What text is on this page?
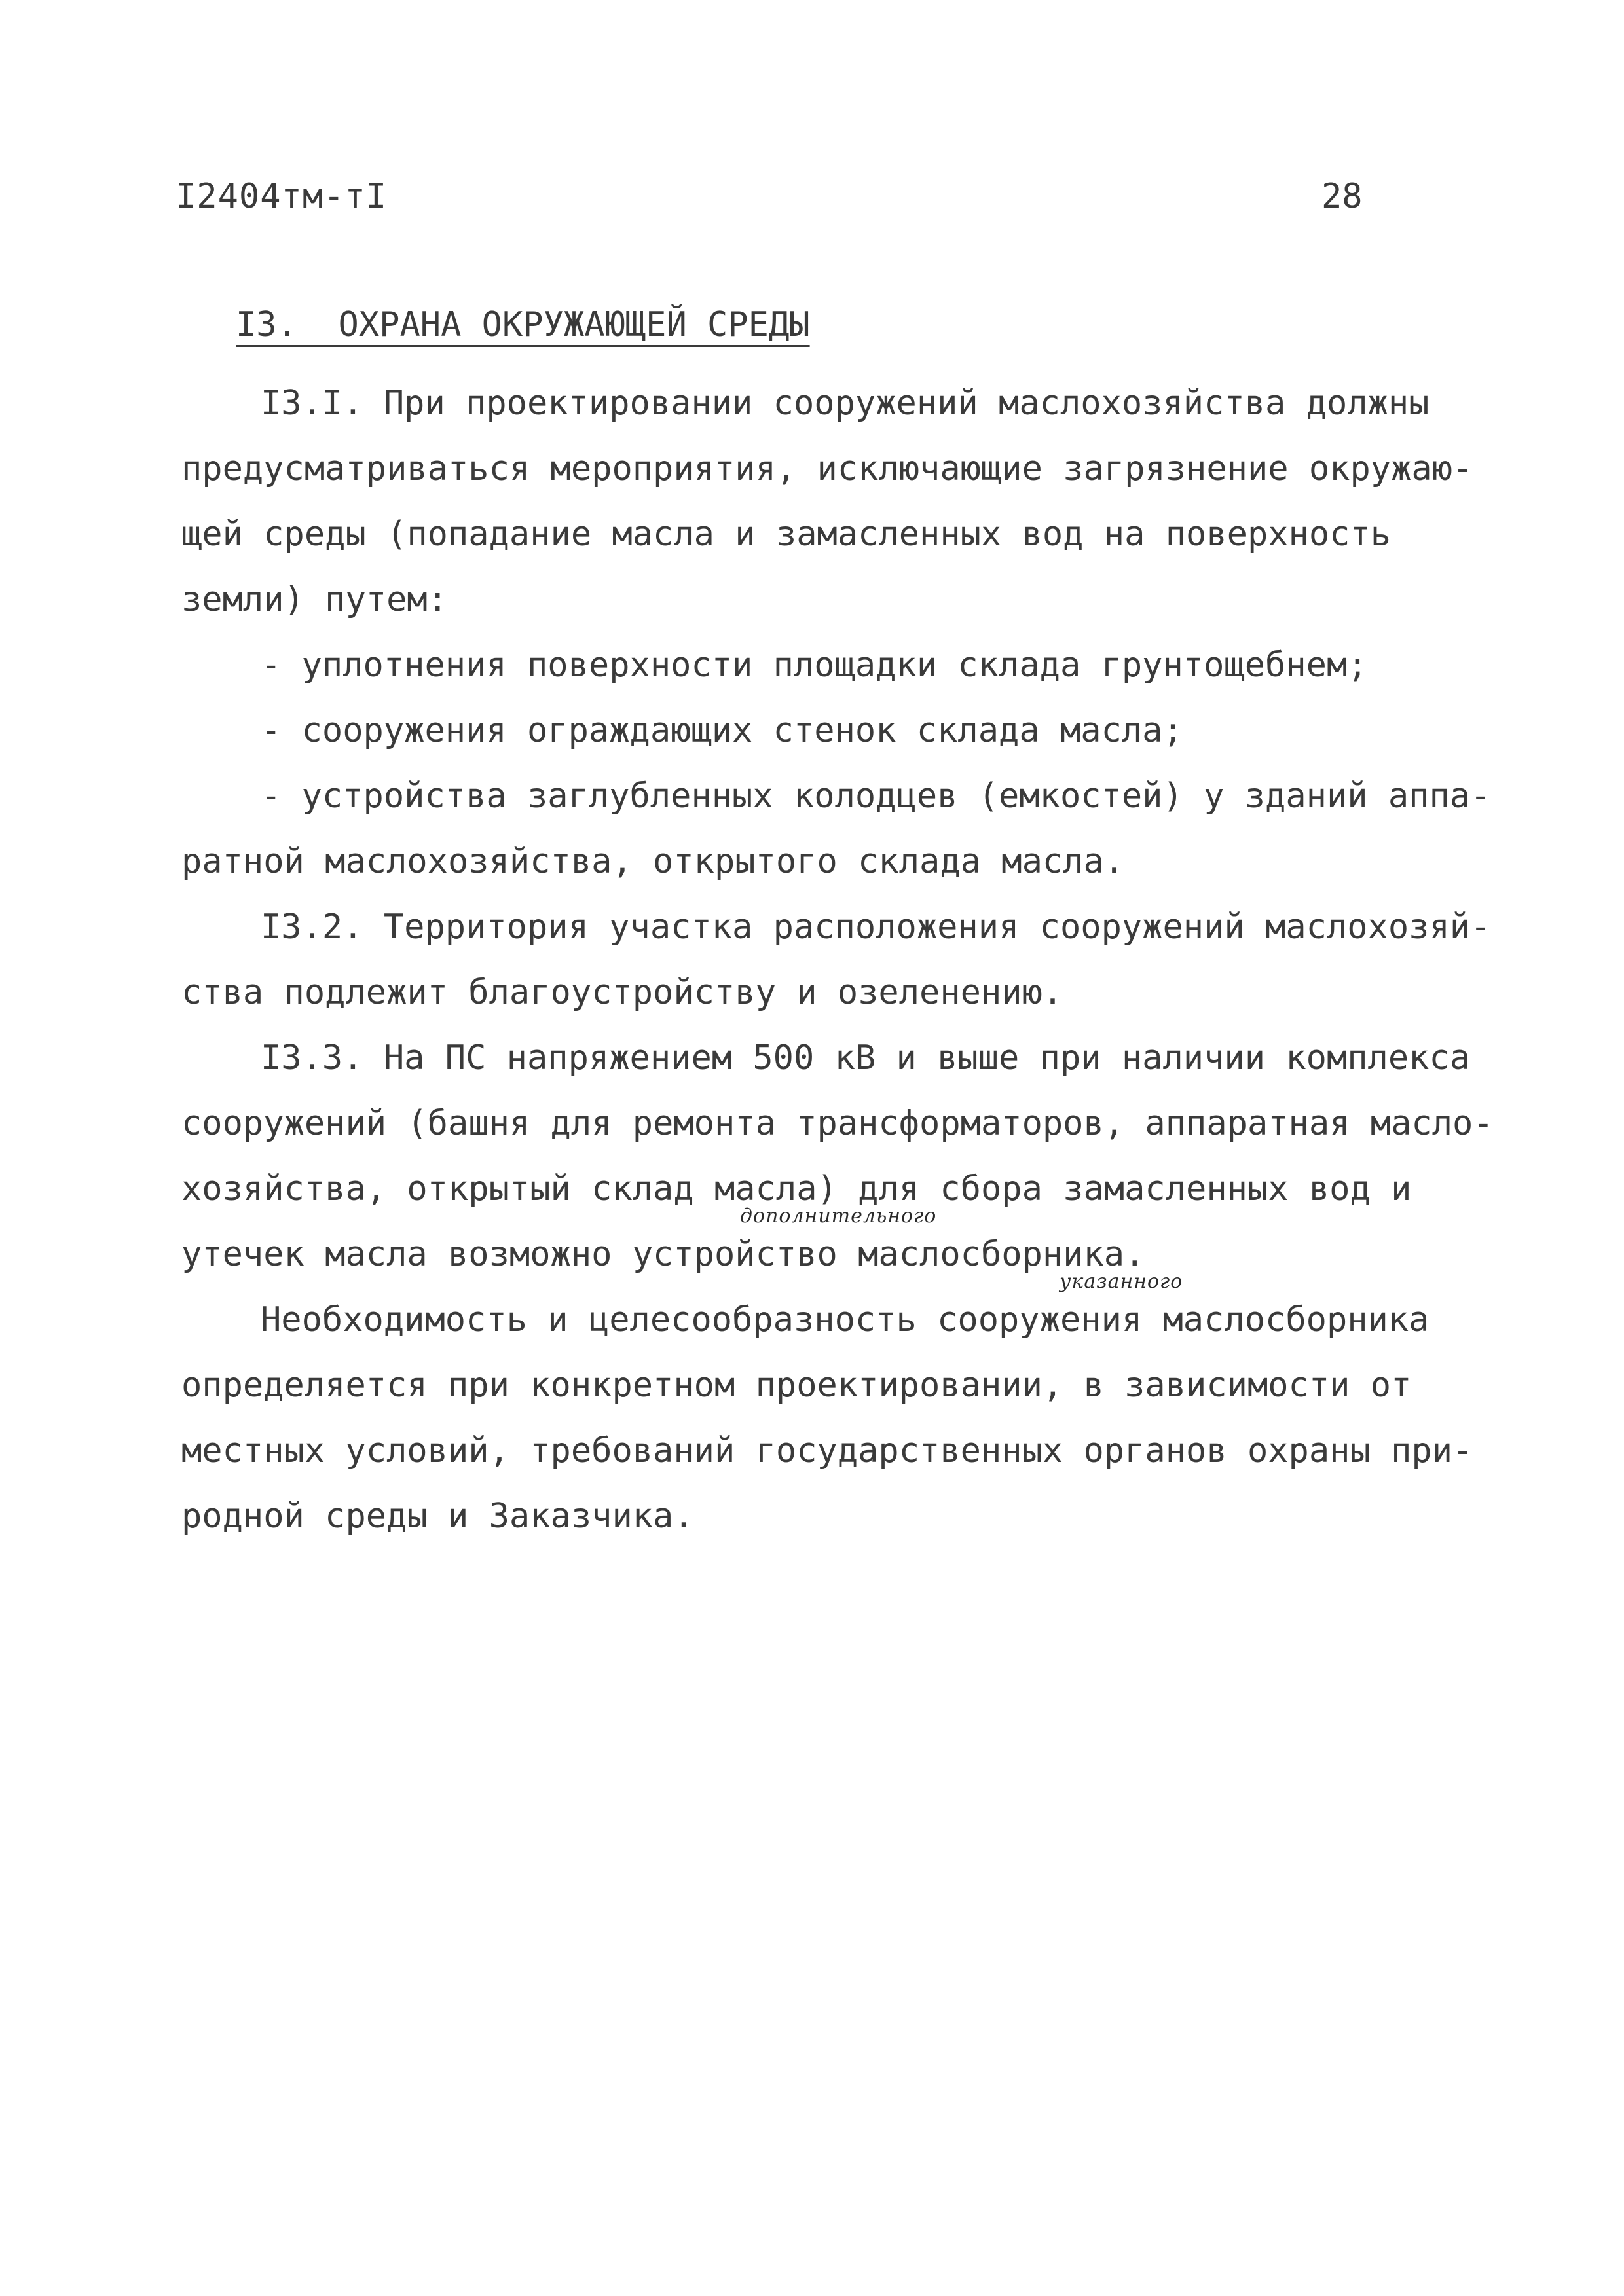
I2404тм-тI	28
I3.  ОХРАНА ОКРУЖАЮЩЕЙ СРЕДЫ
I3.I. При проектировании сооружений маслохозяйства должны
предусматриваться мероприятия, исключающие загрязнение окружаю-
щей среды (попадание масла и замасленных вод на поверхность
земли) путем:
- уплотнения поверхности площадки склада грунтощебнем;
- сооружения ограждающих стенок склада масла;
- устройства заглубленных колодцев (емкостей) у зданий аппа-
ратной маслохозяйства, открытого склада масла.
I3.2. Территория участка расположения сооружений маслохозяй-
ства подлежит благоустройству и озеленению.
I3.3. На ПС напряжением 500 кВ и выше при наличии комплекса
сооружений (башня для ремонта трансформаторов, аппаратная масло-
хозяйства, открытый склад масла) для сбора замасленных вод и
дополнительного
утечек масла возможно устройство маслосборника.
указанного
Необходимость и целесообразность сооружения маслосборника
определяется при конкретном проектировании, в зависимости от
местных условий, требований государственных органов охраны при-
родной среды и Заказчика.
